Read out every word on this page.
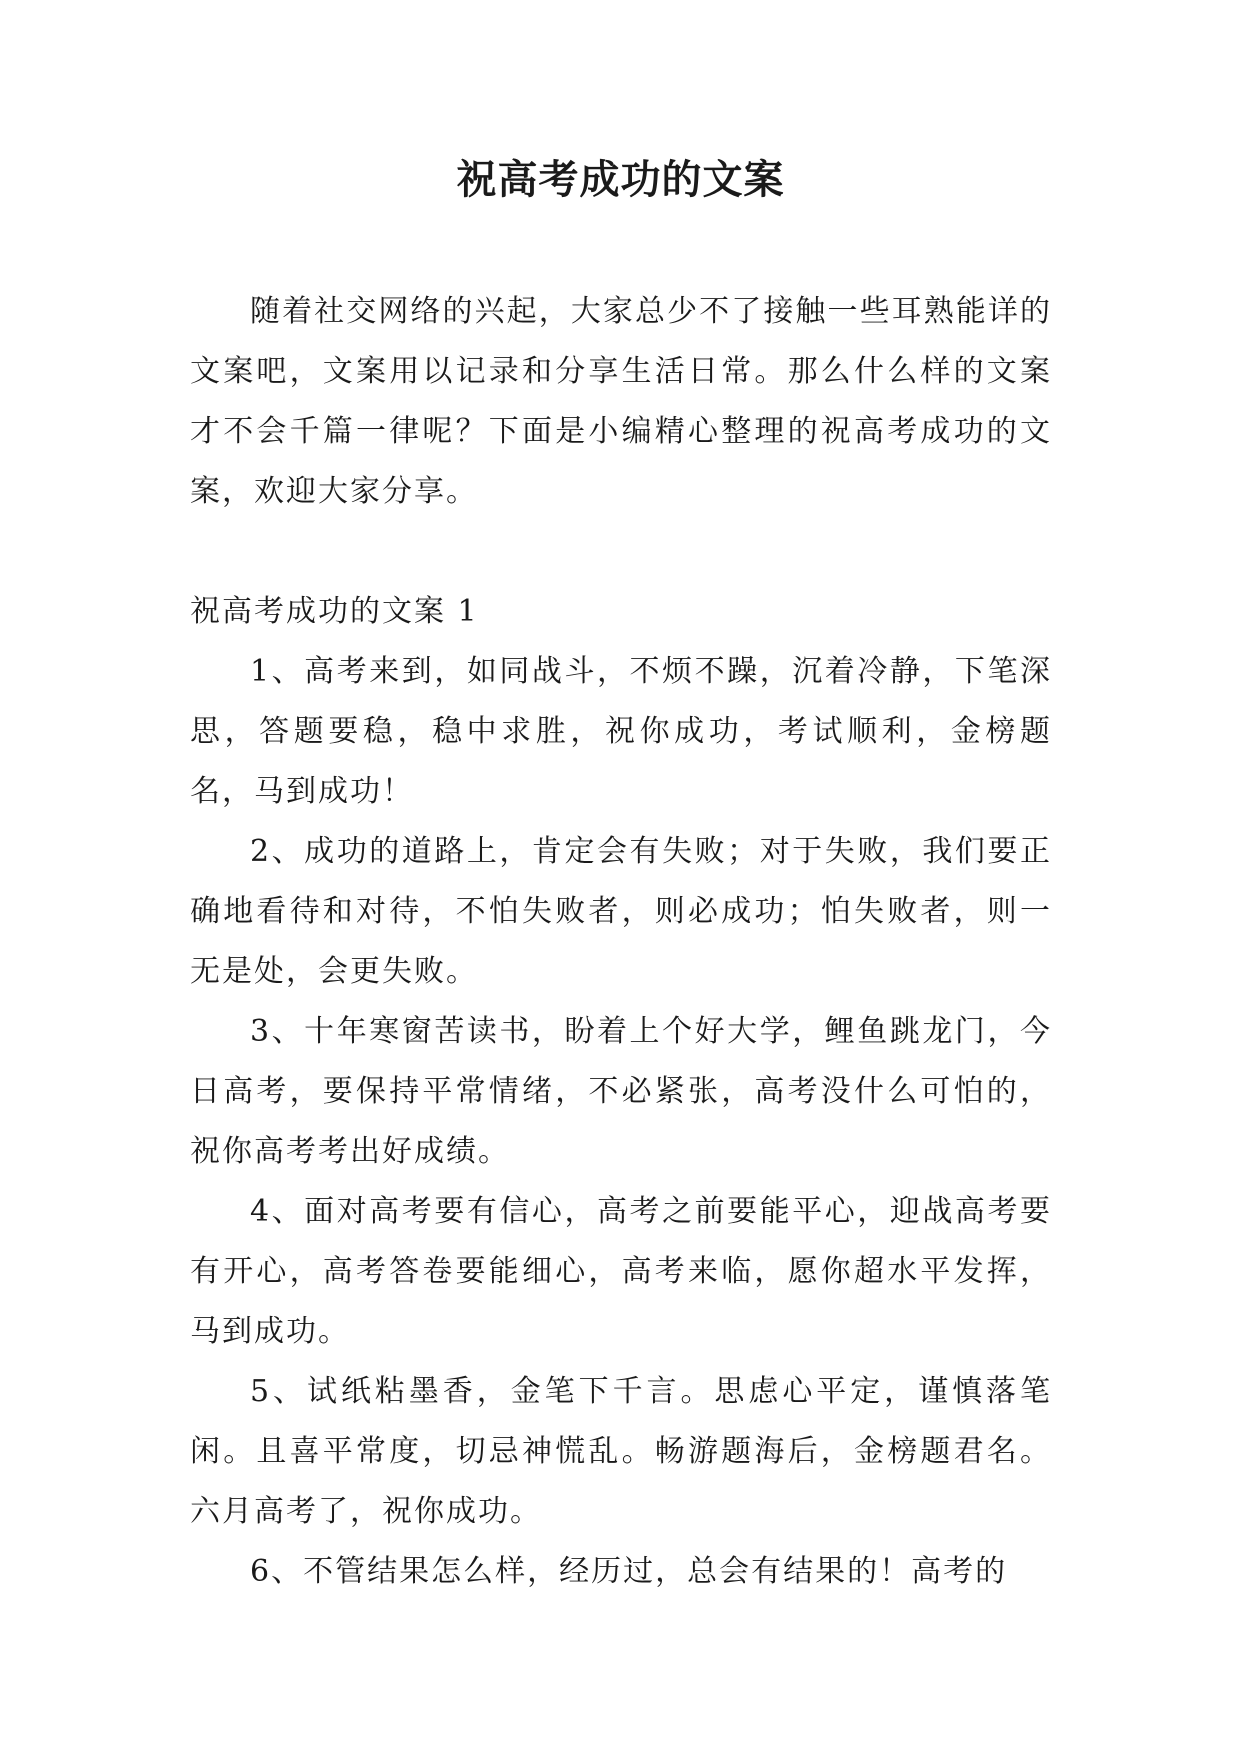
祝高考成功的文案

随着社交网络的兴起，大家总少不了接触一些耳熟能详的文案吧，文案用以记录和分享生活日常。那么什么样的文案才不会千篇一律呢？下面是小编精心整理的祝高考成功的文案，欢迎大家分享。

祝高考成功的文案 1

1、高考来到，如同战斗，不烦不躁，沉着冷静，下笔深思，答题要稳，稳中求胜，祝你成功，考试顺利，金榜题名，马到成功！

2、成功的道路上，肯定会有失败；对于失败，我们要正确地看待和对待，不怕失败者，则必成功；怕失败者，则一无是处，会更失败。

3、十年寒窗苦读书，盼着上个好大学，鲤鱼跳龙门，今日高考，要保持平常情绪，不必紧张，高考没什么可怕的，祝你高考考出好成绩。

4、面对高考要有信心，高考之前要能平心，迎战高考要有开心，高考答卷要能细心，高考来临，愿你超水平发挥，马到成功。

5、试纸粘墨香，金笔下千言。思虑心平定，谨慎落笔闲。且喜平常度，切忌神慌乱。畅游题海后，金榜题君名。六月高考了，祝你成功。

6、不管结果怎么样，经历过，总会有结果的！高考的
